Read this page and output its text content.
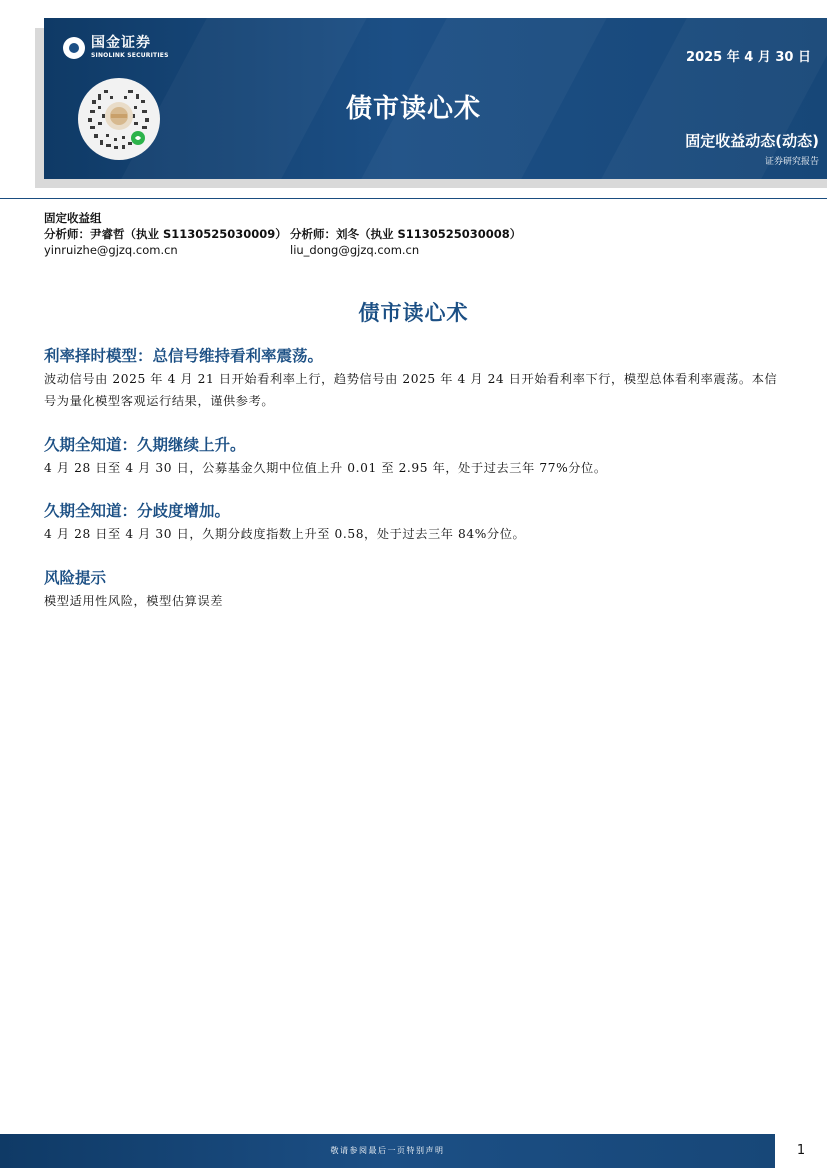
国金证券
SINOLINK SECURITIES	2025 年 4 月 30 日
债市读心术
固定收益动态(动态)
证券研究报告
固定收益组
分析师：尹睿哲（执业 S1130525030009） 分析师：刘冬（执业 S1130525030008）
yinruizhe@gjzq.com.cn	liu_dong@gjzq.com.cn
债市读心术
利率择时模型：总信号维持看利率震荡。
波动信号由 2025 年 4 月 21 日开始看利率上行，趋势信号由 2025 年 4 月 24 日开始看利率下行，模型总体看利率震荡。本信号为量化模型客观运行结果，谨供参考。
久期全知道：久期继续上升。
4 月 28 日至 4 月 30 日，公募基金久期中位值上升 0.01 至 2.95 年，处于过去三年 77%分位。
久期全知道：分歧度增加。
4 月 28 日至 4 月 30 日，久期分歧度指数上升至 0.58，处于过去三年 84%分位。
风险提示
模型适用性风险，模型估算误差
敬请参阅最后一页特别声明	1
